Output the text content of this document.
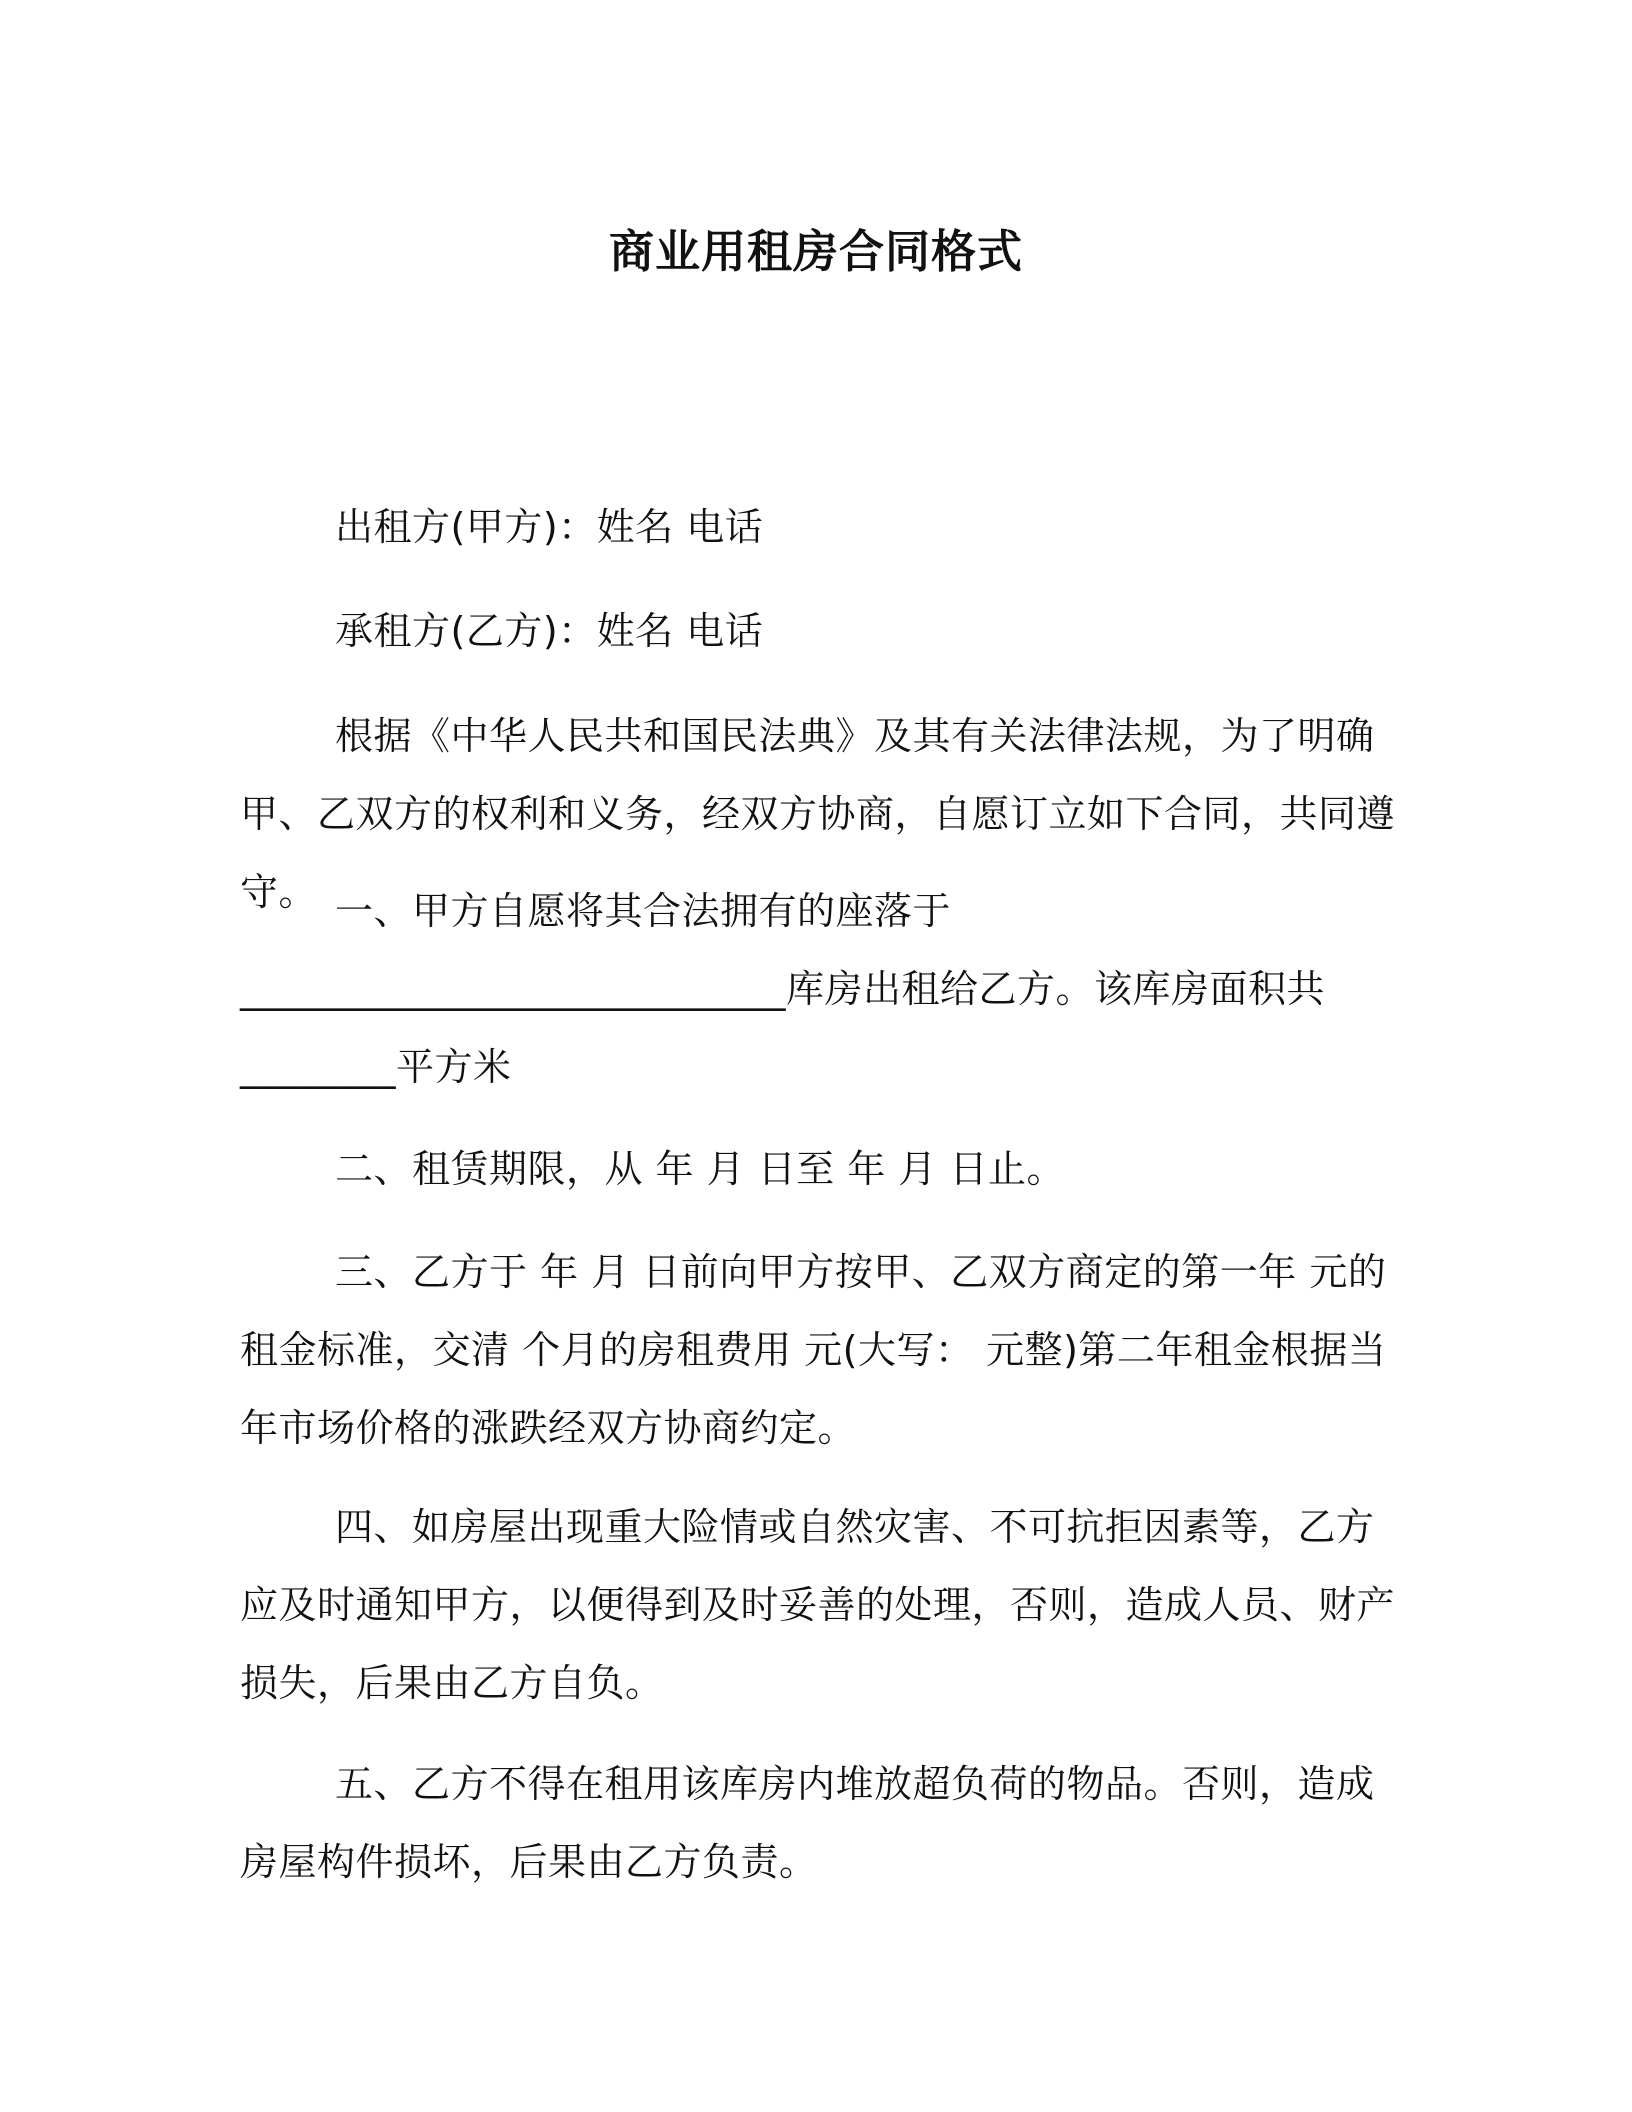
商业用租房合同格式
出租方(甲方)：姓名 电话
承租方(乙方)：姓名 电话
根据《中华人民共和国民法典》及其有关法律法规，为了明确甲、乙双方的权利和义务，经双方协商，自愿订立如下合同，共同遵守。 一、甲方自愿将其合法拥有的座落于
____________________________库房出租给乙方。该库房面积共
________平方米
二、租赁期限，从 年 月 日至 年 月 日止。
三、乙方于 年 月 日前向甲方按甲、乙双方商定的第一年 元的租金标准，交清 个月的房租费用 元(大写： 元整)第二年租金根据当年市场价格的涨跌经双方协商约定。
四、如房屋出现重大险情或自然灾害、不可抗拒因素等，乙方应及时通知甲方，以便得到及时妥善的处理，否则，造成人员、财产损失，后果由乙方自负。
五、乙方不得在租用该库房内堆放超负荷的物品。否则，造成房屋构件损坏，后果由乙方负责。
